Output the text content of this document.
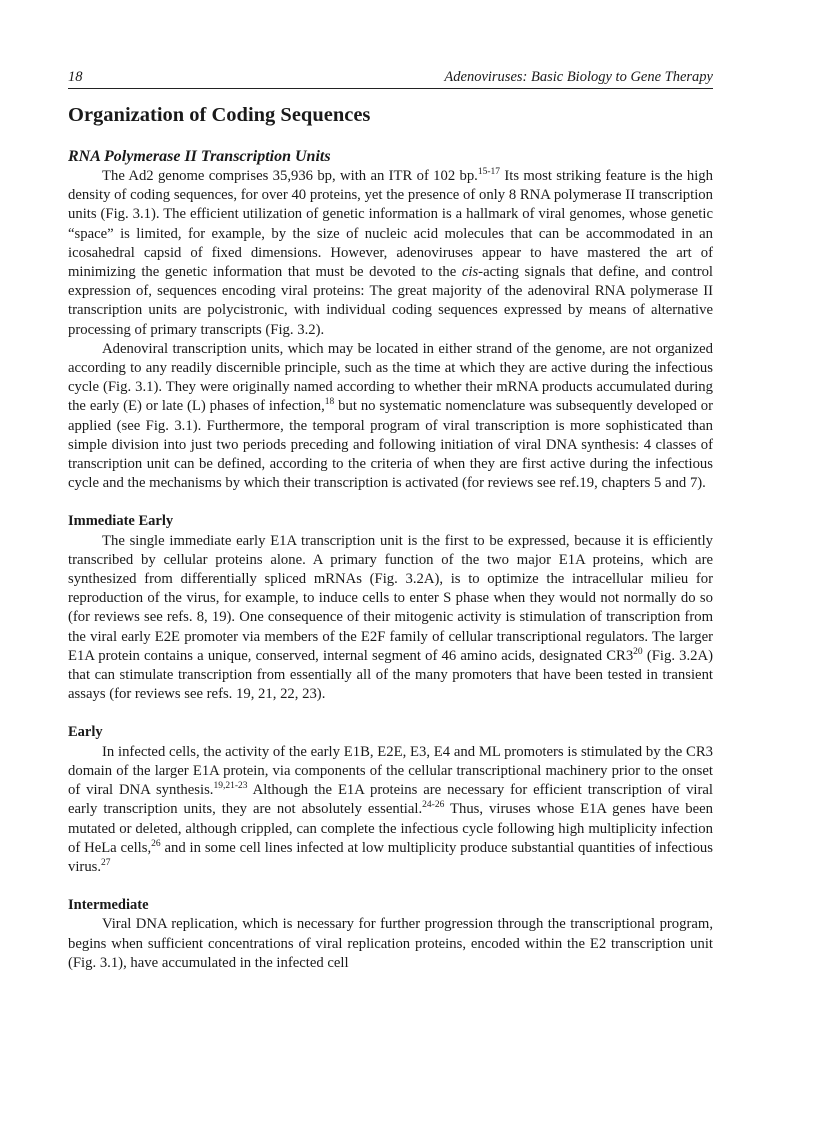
18	Adenoviruses: Basic Biology to Gene Therapy
Organization of Coding Sequences
RNA Polymerase II Transcription Units

The Ad2 genome comprises 35,936 bp, with an ITR of 102 bp.$^{15-17}$ Its most striking feature is the high density of coding sequences, for over 40 proteins, yet the presence of only 8 RNA polymerase II transcription units (Fig. 3.1). The efficient utilization of genetic information is a hallmark of viral genomes, whose genetic “space” is limited, for example, by the size of nucleic acid molecules that can be accommodated in an icosahedral capsid of fixed dimensions. However, adenoviruses appear to have mastered the art of minimizing the genetic information that must be devoted to the cis-acting signals that define, and control expression of, sequences encoding viral proteins: The great majority of the adenoviral RNA polymerase II transcription units are polycistronic, with individual coding sequences expressed by means of alternative processing of primary transcripts (Fig. 3.2).

Adenoviral transcription units, which may be located in either strand of the genome, are not organized according to any readily discernible principle, such as the time at which they are active during the infectious cycle (Fig. 3.1). They were originally named according to whether their mRNA products accumulated during the early (E) or late (L) phases of infection,$^{18}$ but no systematic nomenclature was subsequently developed or applied (see Fig. 3.1). Furthermore, the temporal program of viral transcription is more sophisticated than simple division into just two periods preceding and following initiation of viral DNA synthesis: 4 classes of transcription unit can be defined, according to the criteria of when they are first active during the infectious cycle and the mechanisms by which their transcription is activated (for reviews see ref.19, chapters 5 and 7).

Immediate Early

The single immediate early E1A transcription unit is the first to be expressed, because it is efficiently transcribed by cellular proteins alone. A primary function of the two major E1A proteins, which are synthesized from differentially spliced mRNAs (Fig. 3.2A), is to optimize the intracellular milieu for reproduction of the virus, for example, to induce cells to enter S phase when they would not normally do so (for reviews see refs. 8, 19). One consequence of their mitogenic activity is stimulation of transcription from the viral early E2E promoter via members of the E2F family of cellular transcriptional regulators. The larger E1A protein contains a unique, conserved, internal segment of 46 amino acids, designated $CR3^{20}$ (Fig. 3.2A) that can stimulate transcription from essentially all of the many promoters that have been tested in transient assays (for reviews see refs. 19, 21, 22, 23).

Early

In infected cells, the activity of the early E1B, E2E, E3, E4 and ML promoters is stimulated by the CR3 domain of the larger E1A protein, via components of the cellular transcriptional machinery prior to the onset of viral DNA synthesis.$^{19,21-23}$ Although the E1A proteins are necessary for efficient transcription of viral early transcription units, they are not absolutely essential.$^{24-26}$ Thus, viruses whose E1A genes have been mutated or deleted, although crippled, can complete the infectious cycle following high multiplicity infection of HeLa cells,$^{26}$ and in some cell lines infected at low multiplicity produce substantial quantities of infectious virus.$^{27}$

Intermediate

Viral DNA replication, which is necessary for further progression through the transcriptional program, begins when sufficient concentrations of viral replication proteins, encoded within the E2 transcription unit (Fig. 3.1), have accumulated in the infected cell
